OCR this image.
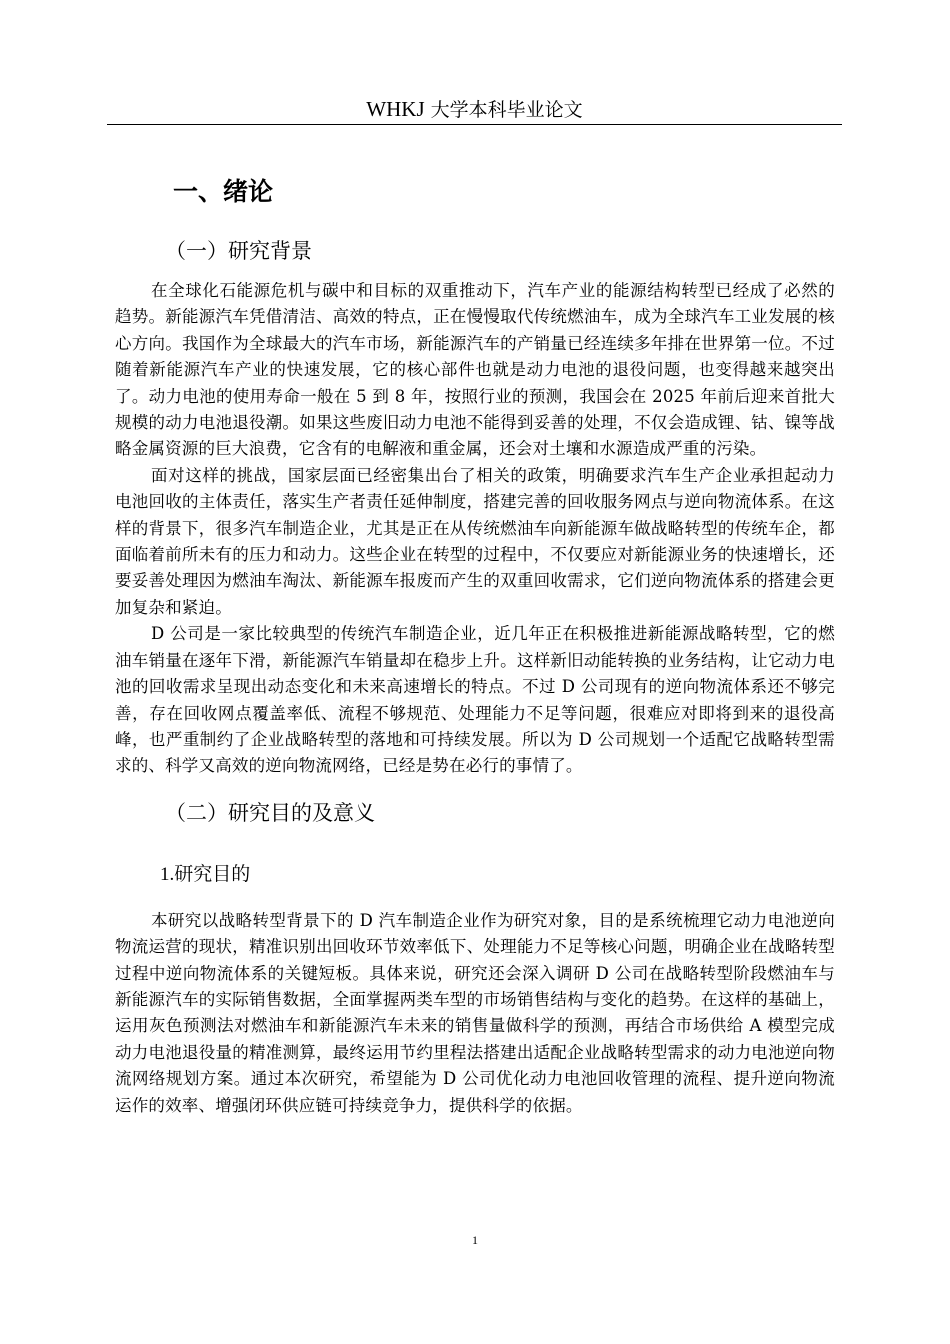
WHKJ 大学本科毕业论文
一、绪论
（一）研究背景

在全球化石能源危机与碳中和目标的双重推动下，汽车产业的能源结构转型已经成了必然的趋势。新能源汽车凭借清洁、高效的特点，正在慢慢取代传统燃油车，成为全球汽车工业发展的核心方向。我国作为全球最大的汽车市场，新能源汽车的产销量已经连续多年排在世界第一位。不过随着新能源汽车产业的快速发展，它的核心部件也就是动力电池的退役问题，也变得越来越突出了。动力电池的使用寿命一般在 5 到 8 年，按照行业的预测，我国会在 2025 年前后迎来首批大规模的动力电池退役潮。如果这些废旧动力电池不能得到妥善的处理，不仅会造成锂、钴、镍等战略金属资源的巨大浪费，它含有的电解液和重金属，还会对土壤和水源造成严重的污染。

面对这样的挑战，国家层面已经密集出台了相关的政策，明确要求汽车生产企业承担起动力电池回收的主体责任，落实生产者责任延伸制度，搭建完善的回收服务网点与逆向物流体系。在这样的背景下，很多汽车制造企业，尤其是正在从传统燃油车向新能源车做战略转型的传统车企，都面临着前所未有的压力和动力。这些企业在转型的过程中，不仅要应对新能源业务的快速增长，还要妥善处理因为燃油车淘汰、新能源车报废而产生的双重回收需求，它们逆向物流体系的搭建会更加复杂和紧迫。

D 公司是一家比较典型的传统汽车制造企业，近几年正在积极推进新能源战略转型，它的燃油车销量在逐年下滑，新能源汽车销量却在稳步上升。这样新旧动能转换的业务结构，让它动力电池的回收需求呈现出动态变化和未来高速增长的特点。不过 D 公司现有的逆向物流体系还不够完善，存在回收网点覆盖率低、流程不够规范、处理能力不足等问题，很难应对即将到来的退役高峰，也严重制约了企业战略转型的落地和可持续发展。所以为 D 公司规划一个适配它战略转型需求的、科学又高效的逆向物流网络，已经是势在必行的事情了。

（二）研究目的及意义
1.研究目的

本研究以战略转型背景下的 D 汽车制造企业作为研究对象，目的是系统梳理它动力电池逆向物流运营的现状，精准识别出回收环节效率低下、处理能力不足等核心问题，明确企业在战略转型过程中逆向物流体系的关键短板。具体来说，研究还会深入调研 D 公司在战略转型阶段燃油车与新能源汽车的实际销售数据，全面掌握两类车型的市场销售结构与变化的趋势。在这样的基础上，运用灰色预测法对燃油车和新能源汽车未来的销售量做科学的预测，再结合市场供给 A 模型完成动力电池退役量的精准测算，最终运用节约里程法搭建出适配企业战略转型需求的动力电池逆向物流网络规划方案。通过本次研究，希望能为 D 公司优化动力电池回收管理的流程、提升逆向物流运作的效率、增强闭环供应链可持续竞争力，提供科学的依据。

1
